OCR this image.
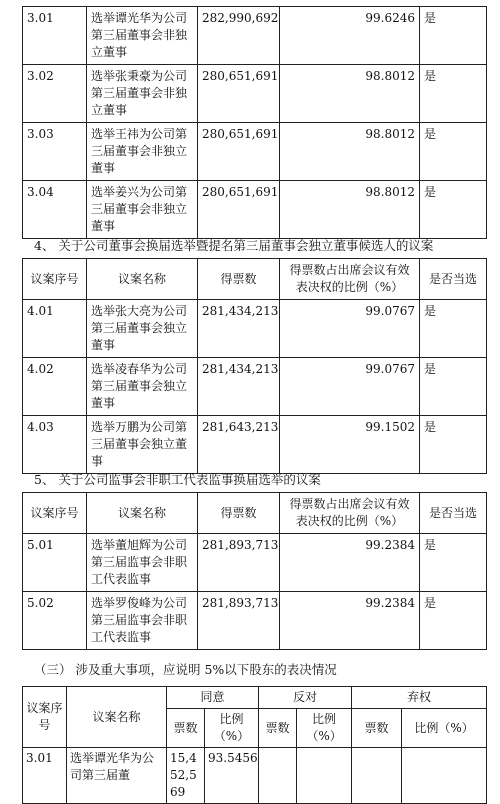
3.01	选举谭光华为公司第三届董事会非独立董事	282,990,692	99.6246	是
3.02	选举张秉豪为公司第三届董事会非独立董事	280,651,691	98.8012	是
3.03	选举王祎为公司第三届董事会非独立董事	280,651,691	98.8012	是
3.04	选举姜兴为公司第三届董事会非独立董事	280,651,691	98.8012	是
4、 关于公司董事会换届选举暨提名第三届董事会独立董事候选人的议案
议案序号	议案名称	得票数	得票数占出席会议有效表决权的比例（%）	是否当选
4.01	选举张大亮为公司第三届董事会独立董事	281,434,213	99.0767	是
4.02	选举凌春华为公司第三届董事会独立董事	281,434,213	99.0767	是
4.03	选举万鹏为公司第三届董事会独立董事	281,643,213	99.1502	是
5、 关于公司监事会非职工代表监事换届选举的议案
议案序号	议案名称	得票数	得票数占出席会议有效表决权的比例（%）	是否当选
5.01	选举董旭辉为公司第三届监事会非职工代表监事	281,893,713	99.2384	是
5.02	选举罗俊峰为公司第三届监事会非职工代表监事	281,893,713	99.2384	是
（三） 涉及重大事项，应说明 5%以下股东的表决情况
议案序号	议案名称	同意		反对		弃权	
		票数	比例（%）	票数	比例（%）	票数	比例（%）
3.01	选举谭光华为公司第三届董	15,452,569	93.5456				
